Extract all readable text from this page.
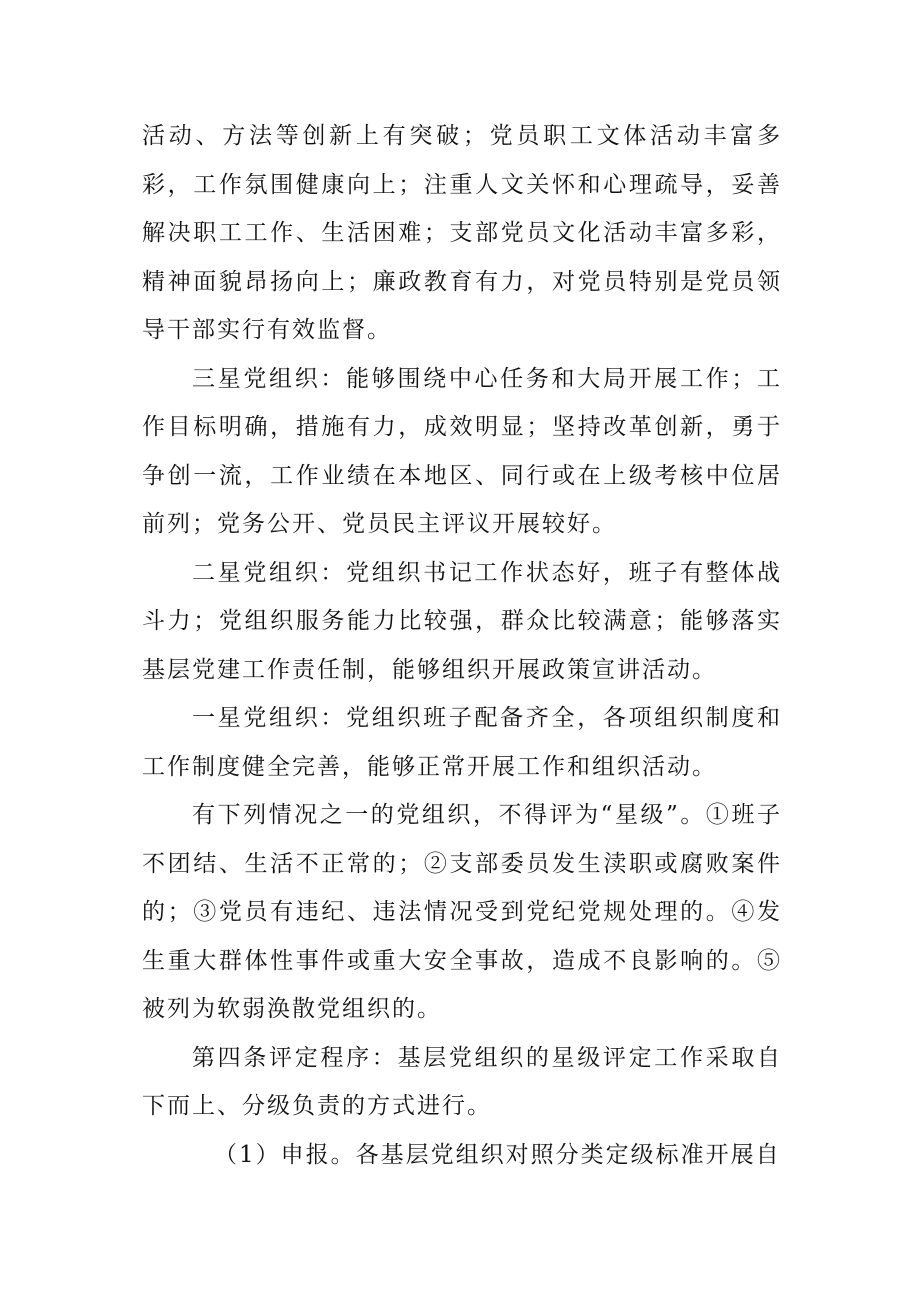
活动、方法等创新上有突破；党员职工文体活动丰富多彩，工作氛围健康向上；注重人文关怀和心理疏导，妥善解决职工工作、生活困难；支部党员文化活动丰富多彩，精神面貌昂扬向上；廉政教育有力，对党员特别是党员领导干部实行有效监督。

三星党组织：能够围绕中心任务和大局开展工作；工作目标明确，措施有力，成效明显；坚持改革创新，勇于争创一流，工作业绩在本地区、同行或在上级考核中位居前列；党务公开、党员民主评议开展较好。

二星党组织：党组织书记工作状态好，班子有整体战斗力；党组织服务能力比较强，群众比较满意；能够落实基层党建工作责任制，能够组织开展政策宣讲活动。

一星党组织：党组织班子配备齐全，各项组织制度和工作制度健全完善，能够正常开展工作和组织活动。

有下列情况之一的党组织，不得评为“星级”。①班子不团结、生活不正常的；②支部委员发生渎职或腐败案件的；③党员有违纪、违法情况受到党纪党规处理的。④发生重大群体性事件或重大安全事故，造成不良影响的。⑤被列为软弱涣散党组织的。

第四条评定程序：基层党组织的星级评定工作采取自下而上、分级负责的方式进行。

（1）申报。各基层党组织对照分类定级标准开展自
